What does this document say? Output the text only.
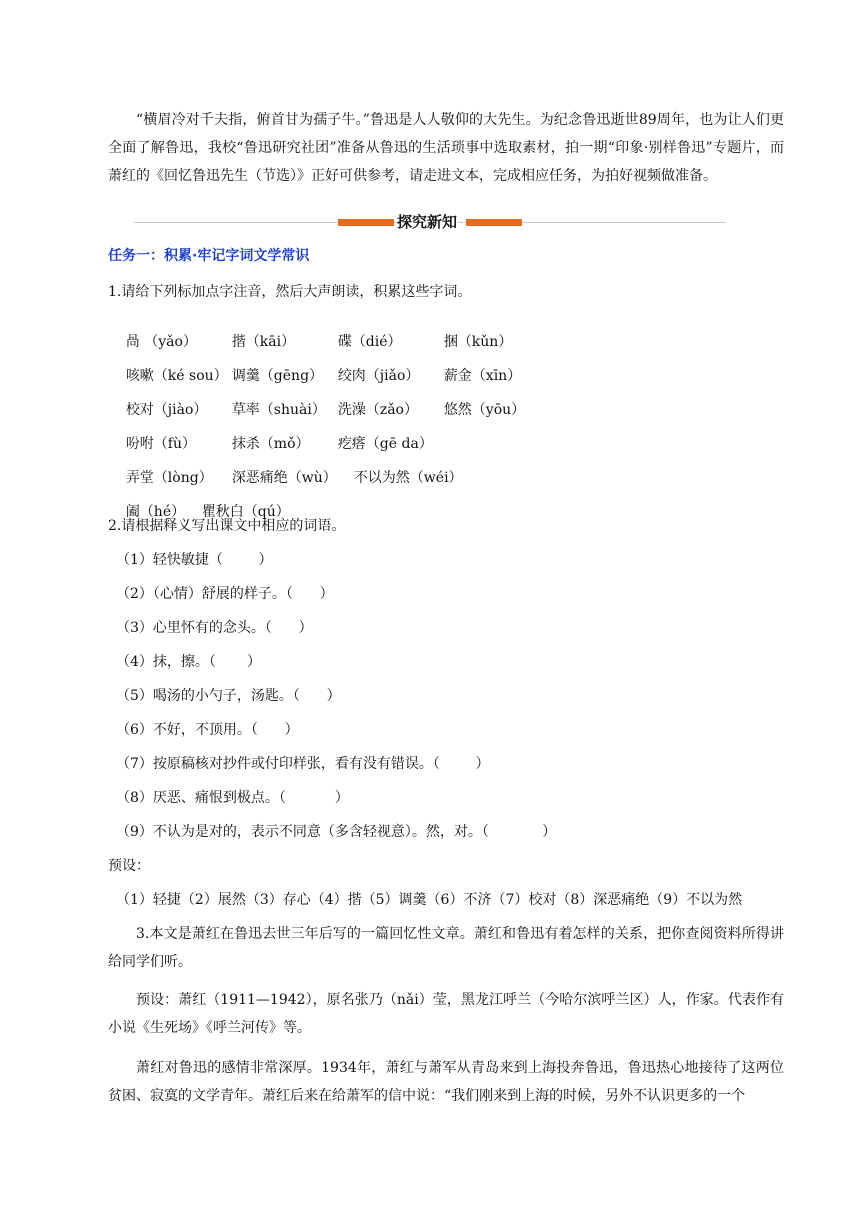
“横眉冷对千夫指，俯首甘为孺子牛。”鲁迅是人人敬仰的大先生。为纪念鲁迅逝世89周年，也为让人们更全面了解鲁迅，我校“鲁迅研究社团”准备从鲁迅的生活琐事中选取素材，拍一期“印象·别样鲁迅”专题片，而萧红的《回忆鲁迅先生（节选）》正好可供参考，请走进文本，完成相应任务，为拍好视频做准备。

探究新知
任务一：积累·牢记字词文学常识
1.请给下列标加点字注音，然后大声朗读，积累这些字词。

咼 （yǎo） 揩（kāi）	碟（dié）	捆（kǔn）

咳嗽（ké sou） 调羹（gēng） 绞肉（jiǎo） 薪金（xīn）

校对（jiào） 草率（shuài） 洗澡（zǎo） 悠然（yōu）

吩咐（fù）	抹杀（mǒ） 疙瘩（gē da）

弄堂（lòng） 深恶痛绝（wù） 不以为然（wéi）

阖（hé） 瞿秋白（qú）

2.请根据释义写出课文中相应的词语。
（1）轻快敏捷（        ）
（2）（心情）舒展的样子。（      ）
（3）心里怀有的念头。（      ）
（4）抹，擦。（       ）
（5）喝汤的小勺子，汤匙。（      ）
（6）不好，不顶用。（      ）
（7）按原稿核对抄件或付印样张，看有没有错误。（        ）
（8）厌恶、痛恨到极点。（           ）
（9）不认为是对的，表示不同意（多含轻视意）。然，对。（            ）
预设：
（1）轻捷（2）展然（3）存心（4）揩（5）调羹（6）不济（7）校对（8）深恶痛绝（9）不以为然

3.本文是萧红在鲁迅去世三年后写的一篇回忆性文章。萧红和鲁迅有着怎样的关系，把你查阅资料所得讲给同学们听。

预设：萧红（1911—1942），原名张乃（nǎi）莹，黑龙江呼兰（今哈尔滨呼兰区）人，作家。代表作有小说《生死场》《呼兰河传》等。

萧红对鲁迅的感情非常深厚。1934年，萧红与萧军从青岛来到上海投奔鲁迅，鲁迅热心地接待了这两位贫困、寂寞的文学青年。萧红后来在给萧军的信中说：“我们刚来到上海的时候，另外不认识更多的一个
